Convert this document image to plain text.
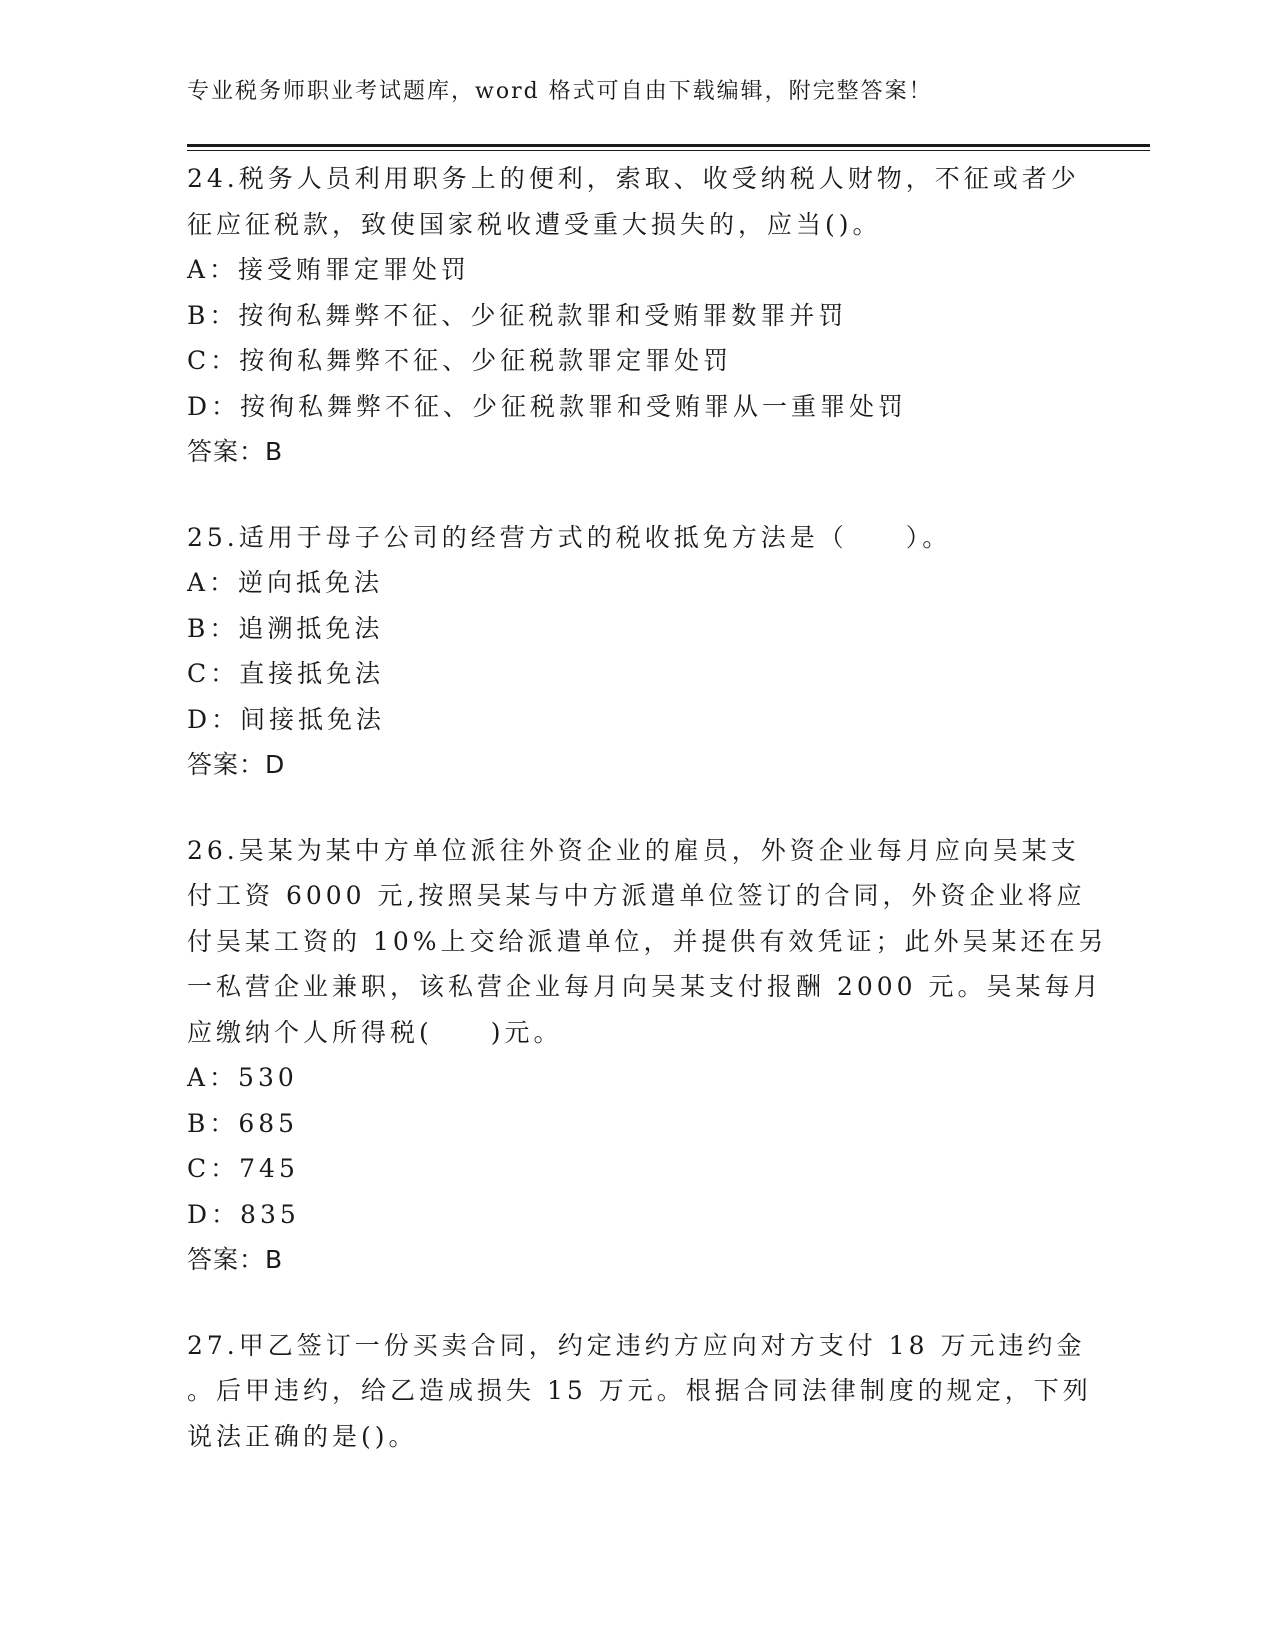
专业税务师职业考试题库，word 格式可自由下载编辑，附完整答案！
24.税务人员利用职务上的便利，索取、收受纳税人财物，不征或者少
征应征税款，致使国家税收遭受重大损失的，应当()。
A：接受贿罪定罪处罚
B：按徇私舞弊不征、少征税款罪和受贿罪数罪并罚
C：按徇私舞弊不征、少征税款罪定罪处罚
D：按徇私舞弊不征、少征税款罪和受贿罪从一重罪处罚
答案：B
25.适用于母子公司的经营方式的税收抵免方法是（　　）。
A：逆向抵免法
B：追溯抵免法
C：直接抵免法
D：间接抵免法
答案：D
26.吴某为某中方单位派往外资企业的雇员，外资企业每月应向吴某支
付工资 6000 元,按照吴某与中方派遣单位签订的合同，外资企业将应
付吴某工资的 10%上交给派遣单位，并提供有效凭证；此外吴某还在另
一私营企业兼职，该私营企业每月向吴某支付报酬 2000 元。吴某每月
应缴纳个人所得税(　　)元。
A：530
B：685
C：745
D：835
答案：B
27.甲乙签订一份买卖合同，约定违约方应向对方支付 18 万元违约金
。后甲违约，给乙造成损失 15 万元。根据合同法律制度的规定，下列
说法正确的是()。
